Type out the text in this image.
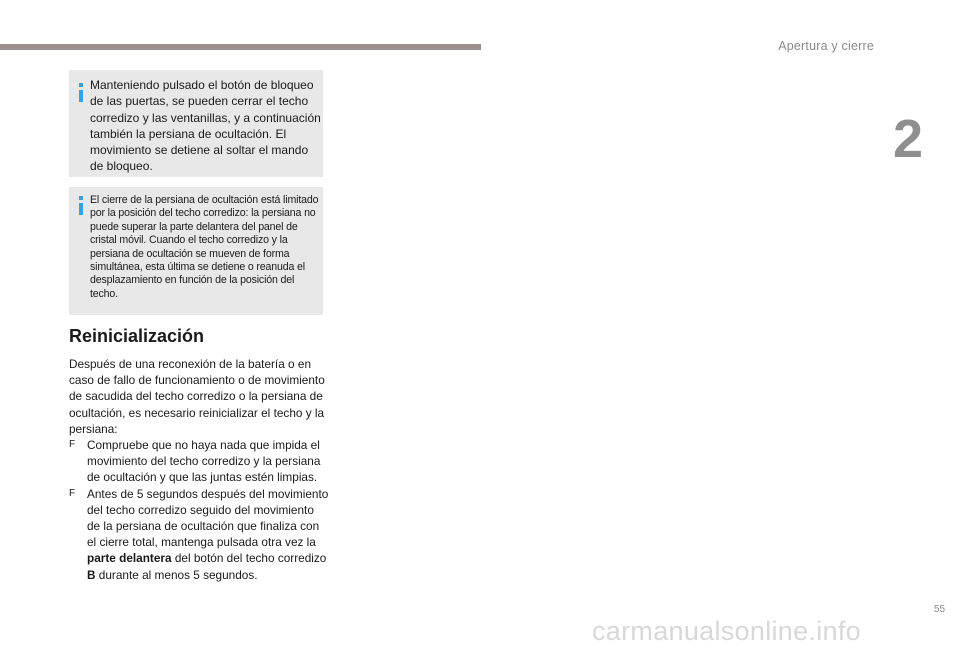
Apertura y cierre
2
Manteniendo pulsado el botón de bloqueo de las puertas, se pueden cerrar el techo corredizo y las ventanillas, y a continuación también la persiana de ocultación. El movimiento se detiene al soltar el mando de bloqueo.
El cierre de la persiana de ocultación está limitado por la posición del techo corredizo: la persiana no puede superar la parte delantera del panel de cristal móvil. Cuando el techo corredizo y la persiana de ocultación se mueven de forma simultánea, esta última se detiene o reanuda el desplazamiento en función de la posición del techo.
Reinicialización

Después de una reconexión de la batería o en caso de fallo de funcionamiento o de movimiento de sacudida del techo corredizo o la persiana de ocultación, es necesario reinicializar el techo y la persiana:

F Compruebe que no haya nada que impida el movimiento del techo corredizo y la persiana de ocultación y que las juntas estén limpias.

F Antes de 5 segundos después del movimiento del techo corredizo seguido del movimiento de la persiana de ocultación que finaliza con el cierre total, mantenga pulsada otra vez la parte delantera del botón del techo corredizo B durante al menos 5 segundos.

55
carmanualsonline.info
